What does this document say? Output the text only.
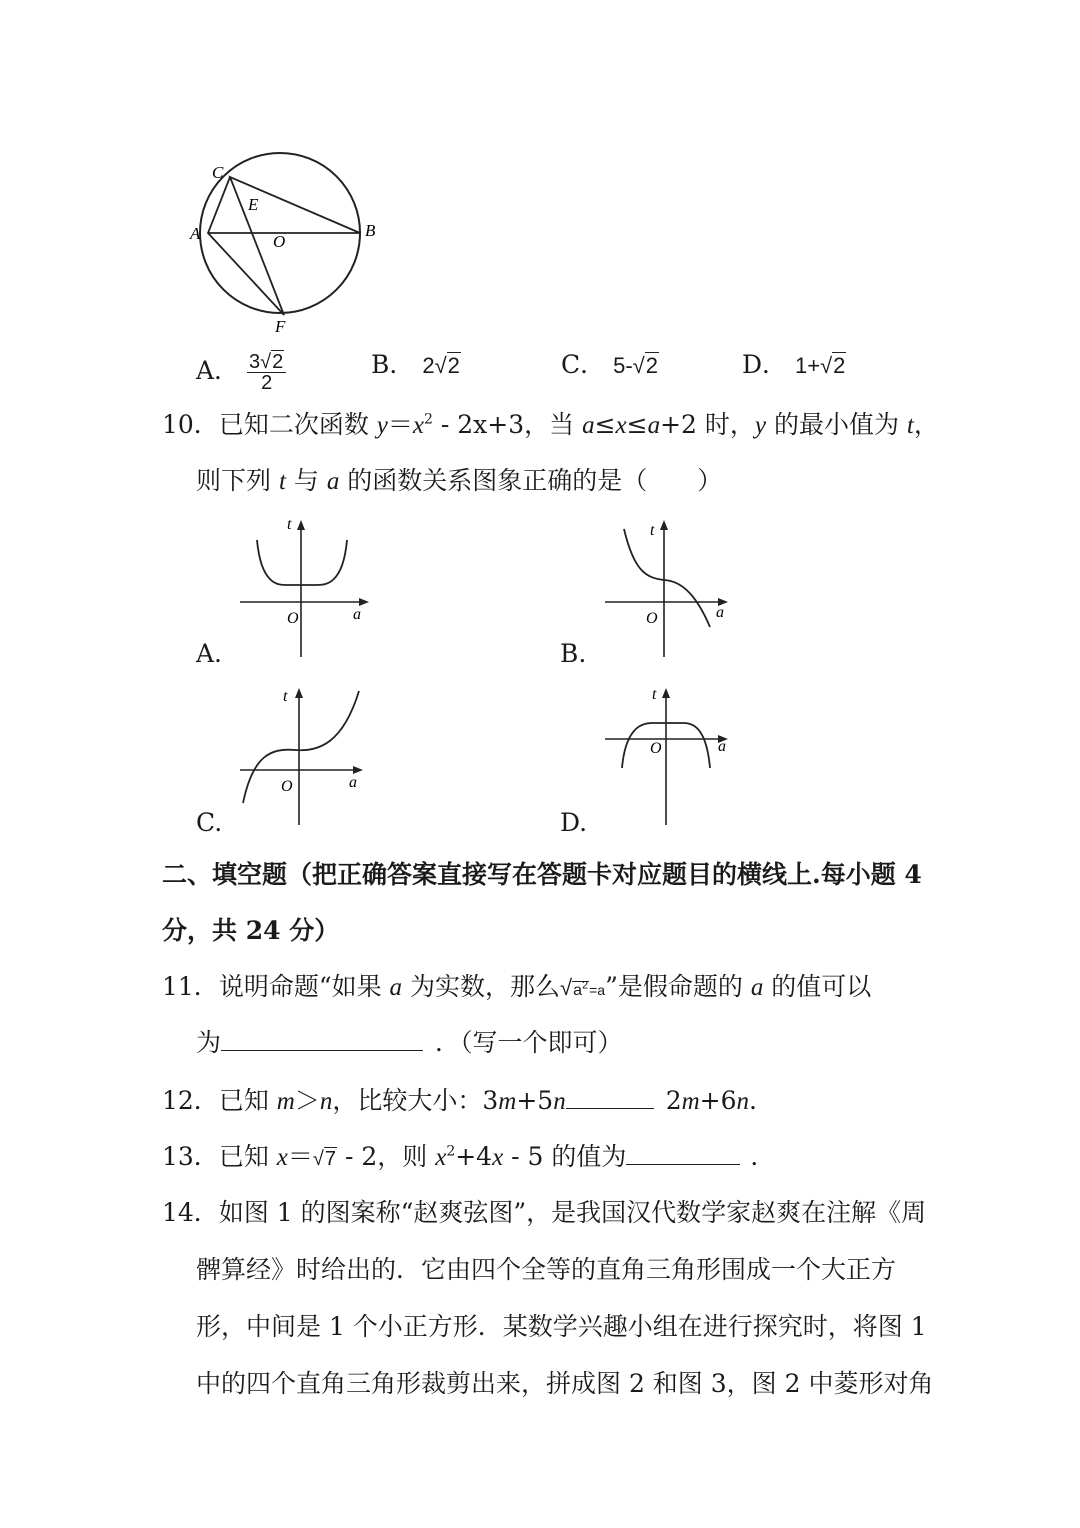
C
E
A	O
B
F
A． $\frac{3√2}{2}$	B． 2√2	C． 5-√2	D． 1+√2
10．已知二次函数 $y=x^2 - 2x+3$，当 a≤x≤a+2 时，y 的最小值为 t，
则下列 t 与 a 的函数关系图象正确的是（　　）
t
O	a
A.
t
O	a
B.
t
O	a
C.
t
O	a
D.
二、填空题（把正确答案直接写在答题卡对应题目的横线上.每小题 4
分，共 24 分）
11．说明命题“如果 a 为实数，那么$√a^2=a$”是假命题的 a 的值可以
为	．（写一个即可）
12．已知 m＞n，比较大小：3m+5n	2m+6n.
13．已知 x＝√7 - 2，则 $x^2+4x - 5$ 的值为	．
14．如图 1 的图案称“赵爽弦图”，是我国汉代数学家赵爽在注解《周
髀算经》时给出的．它由四个全等的直角三角形围成一个大正方
形，中间是 1 个小正方形．某数学兴趣小组在进行探究时，将图 1
中的四个直角三角形裁剪出来，拼成图 2 和图 3，图 2 中菱形对角
